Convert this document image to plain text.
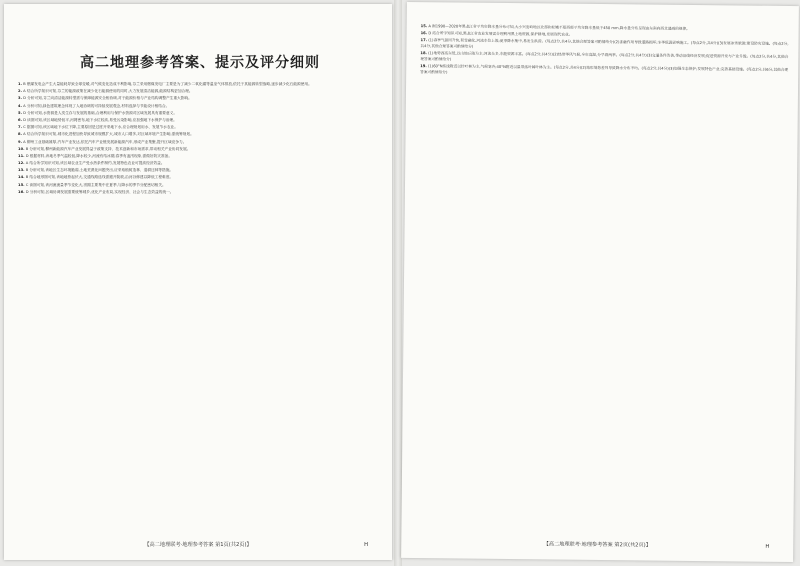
高二地理参考答案、提示及评分细则

1. B 燃煤发电会产生大量能耗导致全球变暖,对气候变化造成不利影响,芬兰采用燃煤发电厂主要是为了减少二氧化碳等温室气体排放,依托于其能源转型战略,逐步减少化石能源使用。

2. A 结合所学知识可知,芬兰的能源政策在减少化石能源使用的同时,大力发展清洁能源,能源结构更加合理。

3. D 分析可知,芬兰向清洁能源转型需与保障能源安全相协调,对于能源价格与产业结构调整产生重大影响。

4. A 分析可知,绿色建筑理念体现了人地协调的可持续发展观念,材料选择与节能设计相结合。

5. D 分析可知,水资源是人类生存与发展的基础,合理利用与保护水资源对区域发展具有重要意义。

6. D 读图可知,该区域地势低平,河网密布,地下水位较高,易受污染影响,应加强地下水保护与治理。

7. C 据图可知,该区域地下水位下降,主要原因是过度开采地下水,应合理规划用水、发展节水农业。

8. A 结合所学知识可知,城市化进程加快导致城市规模扩大,城市人口增多,对区域环境产生影响,需统筹规划。

9. A 柳州工业基础雄厚,汽车产业发达,依托汽车产业链发展新能源汽车,形成产业集聚,提升区域竞争力。

10. B 分析可知,柳州新能源汽车产业发展得益于政策支持、技术创新和市场需求,带动相关产业协同发展。

11. D 根据材料,该地冬季气温较低,降水较少,河流有结冰期,春季有凌汛现象,需做好防灾准备。

12. A 结合所学知识可知,该区域农业生产受水热条件制约,发展特色农业可提高经济效益。

13. B 分析可知,该地区生态环境脆弱,土地荒漠化问题突出,应采取植树造林、退耕还林等措施。

14. B 结合地形图可知,该地地势起伏大,交通线路选线需避开陡坡,沿河谷修建以降低工程难度。

15. C 读图可知,该河流流量季节变化大,汛期主要集中在夏季,与降水的季节分配密切相关。

16. D 分析可知,区域协调发展需要统筹城乡,优化产业布局,实现经济、社会与生态效益的统一。

【高二地理联考·地理参考答案 第1页(共2页)】	H

15. A 据1990—2020年黑龙江省平均年降水量分布可知,大小兴安岭地区北部和松嫩平原西部平均年降水量低于450 mm,降水量分布呈现由东南向西北递减的规律。

16. D 结合所学知识可知,黑龙江省农业发展需合理利用黑土地资源,保护耕地,发展现代农业。

17. (1)春季气温回升快,积雪融化,河流水位上涨;夏季降水集中,易发生洪涝。(每点2分,共4分,其他合理答案可酌情给分)(2)冻融作用导致道路损坏;冬季低温影响施工。(每点2分,共4分)(3)发展冰雪旅游;建设防灾设施。(每点2分,共4分,其他合理答案可酌情给分)

18. (1)地势西高东低,以山地丘陵为主;河流众多,水能资源丰富。(每点2分,共4分)(2)热带季风气候,全年高温,分旱雨两季。(每点2分,共4分)(3)交通条件改善,带动沿线经济发展;促进资源开发与产业升级。(每点2分,共4分,其他合理答案可酌情给分)

19. (1)60°N纬线附近以针叶林为主,气候寒冷;40°N附近以温带落叶阔叶林为主。(每点2分,共4分)(2)地形地势差异导致降水分布不均。(每点2分,共4分)(3)加强生态保护;发展特色产业;完善基础设施。(每点2分,共6分,其他合理答案可酌情给分)

【高二地理联考·地理参考答案 第2页(共2页)】	H
